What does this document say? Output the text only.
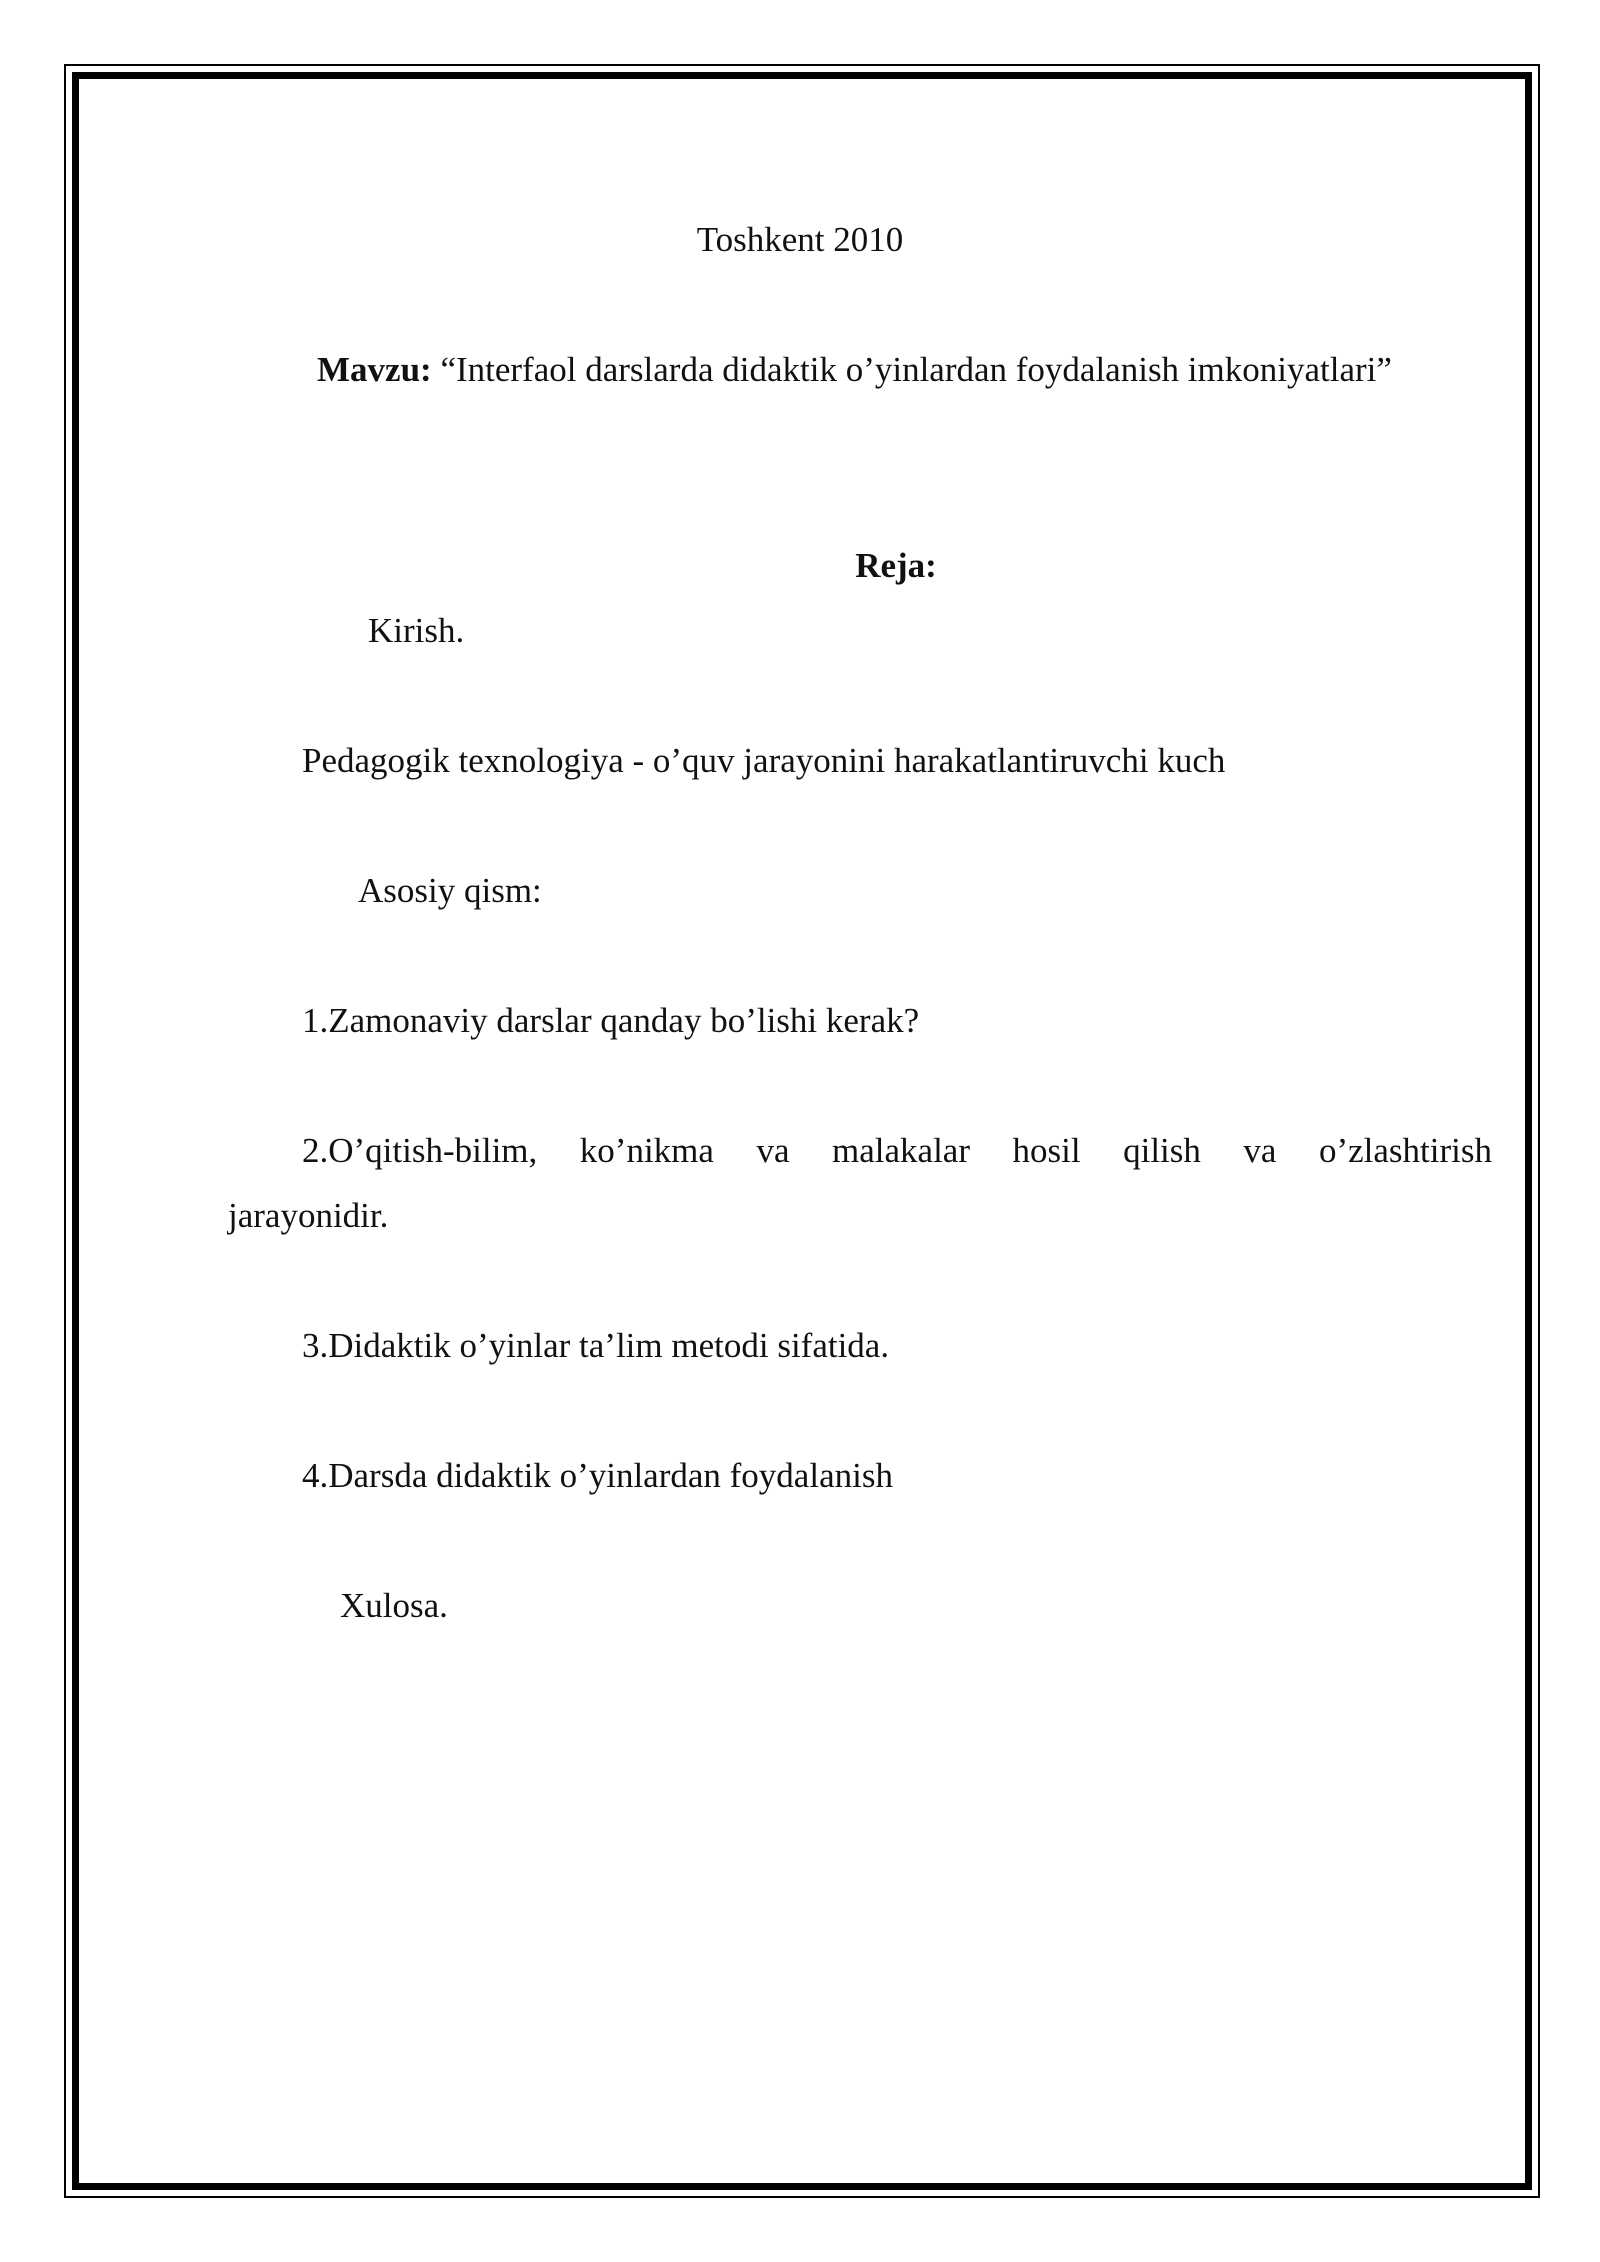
Toshkent 2010
Mavzu: “Interfaol darslarda didaktik o’yinlardan foydalanish imkoniyatlari”
Reja:
Kirish.
Pedagogik texnologiya - o’quv jarayonini harakatlantiruvchi kuch
Asosiy qism:
1.Zamonaviy darslar qanday bo’lishi kerak?
2.O’qitish-bilim, ko’nikma va malakalar hosil qilish va o’zlashtirish
jarayonidir.
3.Didaktik o’yinlar ta’lim metodi sifatida.
4.Darsda didaktik o’yinlardan foydalanish
Xulosa.
